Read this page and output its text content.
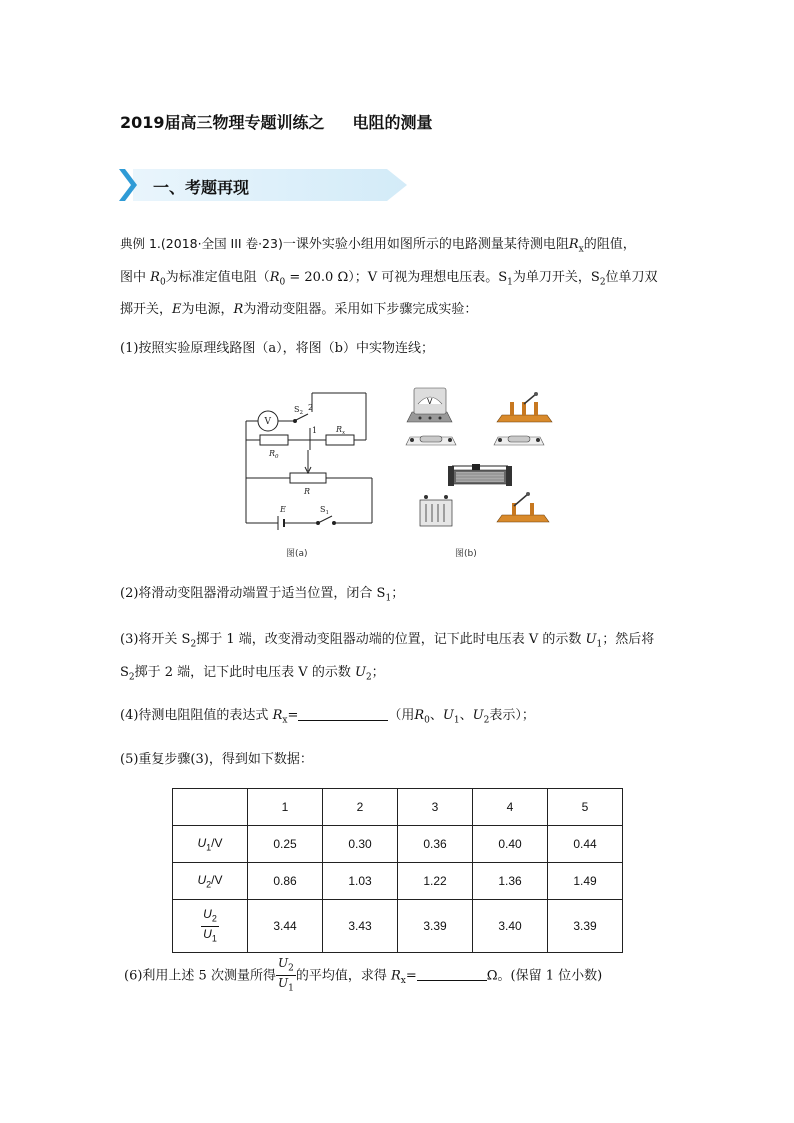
2019届高三物理专题训练之 电阻的测量
一、考题再现
典例 1.(2018·全国 III 卷·23)一课外实验小组用如图所示的电路测量某待测电阻$R_x$的阻值，
图中 $R_0$为标准定值电阻（$R_0 = 20.0$ Ω）；V 可视为理想电压表。$S_1$为单刀开关，$S_2$位单刀双
掷开关，E为电源，R为滑动变阻器。采用如下步骤完成实验：
(1)按照实验原理线路图（a），将图（b）中实物连线；
V
$S_2$
2
1
$R_0$
$R_x$
R
E	$S_1$
图(a)
V
图(b)
(2)将滑动变阻器滑动端置于适当位置，闭合 $S_1$；
(3)将开关 $S_2$掷于 1 端，改变滑动变阻器动端的位置，记下此时电压表 V 的示数 $U_1$；然后将
$S_2$掷于 2 端，记下此时电压表 V 的示数 $U_2$；
(4)待测电阻阻值的表达式 $R_x=$	（用$R_0$、$U_1$、$U_2$表示）；
(5)重复步骤(3)，得到如下数据：
	1	2	3	4	5
$U_1/V$	0.25	0.30	0.36	0.40	0.44
$U_2/V$	0.86	1.03	1.22	1.36	1.49

$\frac{U_2}{U_1}$	3.44	3.43	3.39	3.40	3.39
(6)利用上述 5 次测量所得 $\frac{U_2}{U_1}$ 的平均值，求得 $R_x=$	Ω。(保留 1 位小数)
